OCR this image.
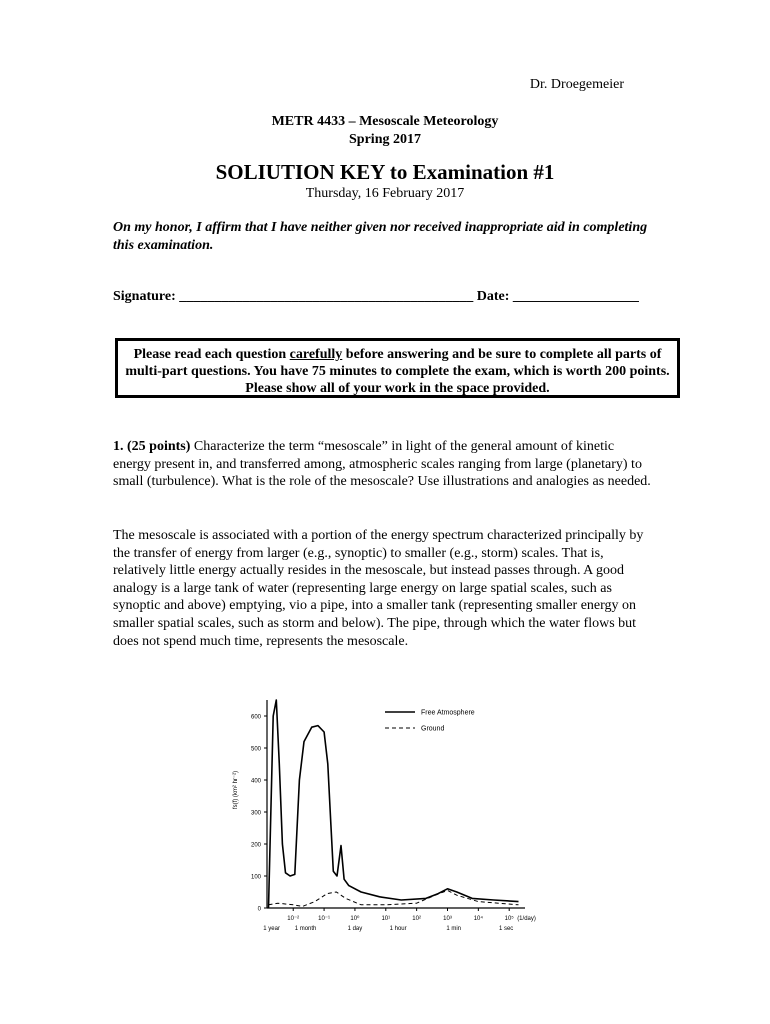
Dr. Droegemeier
METR 4433 – Mesoscale Meteorology
Spring 2017
SOLIUTION KEY to Examination #1
Thursday, 16 February 2017
On my honor, I affirm that I have neither given nor received inappropriate aid in completing this examination.
Signature: __________________________________________ Date: __________________
Please read each question carefully before answering and be sure to complete all parts of multi-part questions. You have 75 minutes to complete the exam, which is worth 200 points. Please show all of your work in the space provided.
1. (25 points) Characterize the term “mesoscale” in light of the general amount of kinetic energy present in, and transferred among, atmospheric scales ranging from large (planetary) to small (turbulence). What is the role of the mesoscale? Use illustrations and analogies as needed.
The mesoscale is associated with a portion of the energy spectrum characterized principally by the transfer of energy from larger (e.g., synoptic) to smaller (e.g., storm) scales. That is, relatively little energy actually resides in the mesoscale, but instead passes through. A good analogy is a large tank of water (representing large energy on large spatial scales, such as synoptic and above) emptying, vio a pipe, into a smaller tank (representing smaller energy on smaller spatial scales, such as storm and below). The pipe, through which the water flows but does not spend much time, represents the mesoscale.
0
100
200
300
400
500
600
fs(f) (km² hr⁻²)
10⁻²	10⁻¹	10⁰	10¹	10²	10³	10⁴	10⁵ (1/day)
1 year 1 month	1 day	1 hour	1 min	1 sec
Free Atmosphere
Ground
